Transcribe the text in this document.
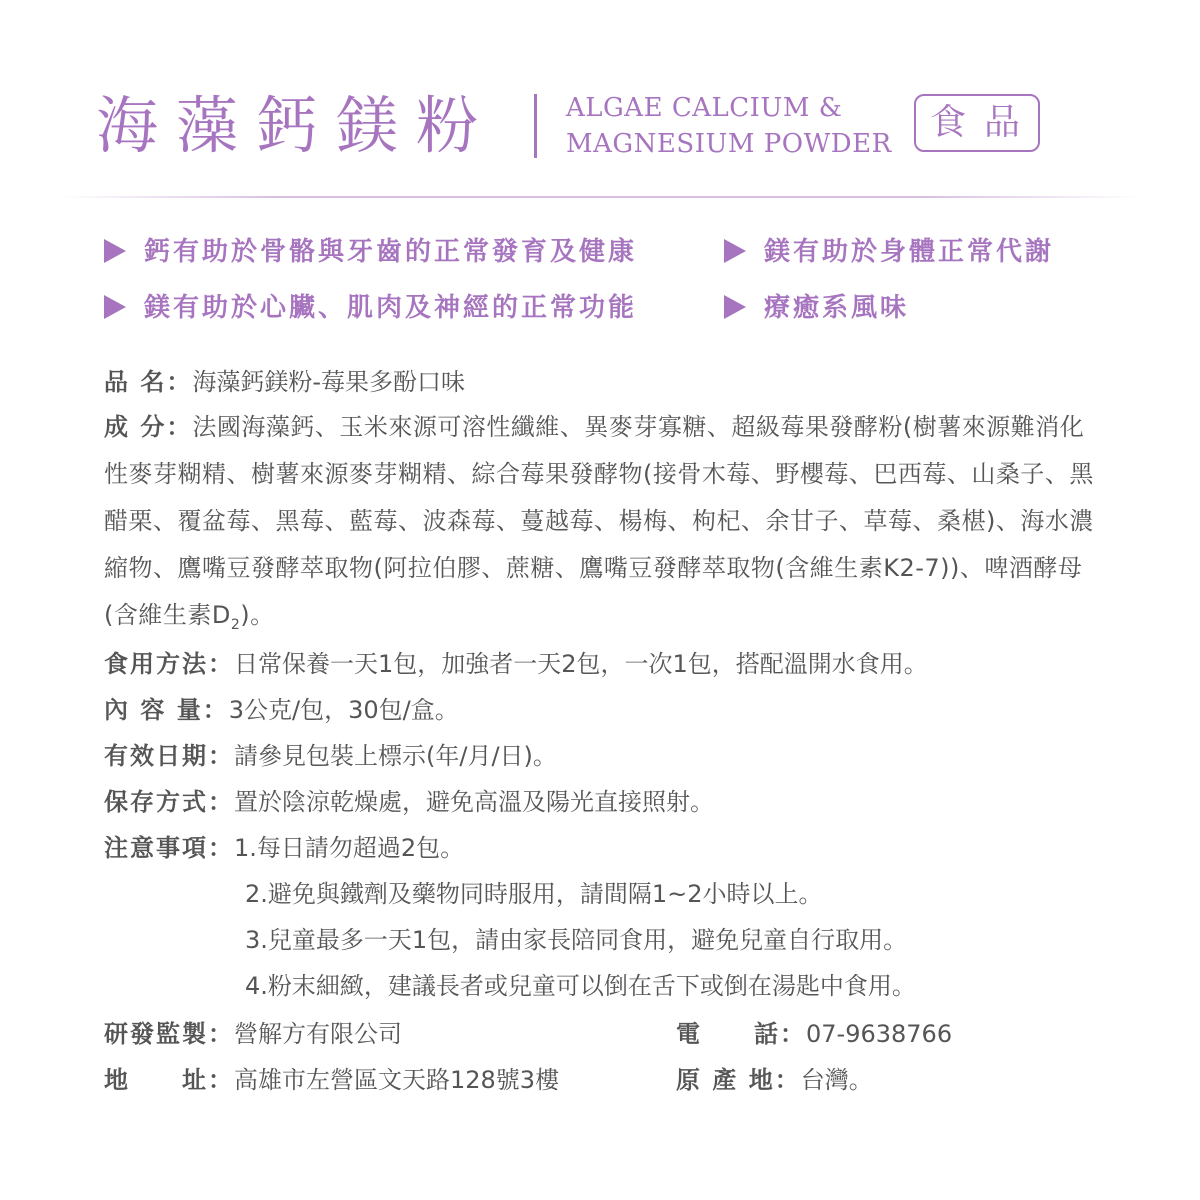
海藻鈣鎂粉	ALGAE CALCIUM &
MAGNESIUM POWDER
食品
鈣有助於骨骼與牙齒的正常發育及健康	鎂有助於身體正常代謝
鎂有助於心臟、肌肉及神經的正常功能	療癒系風味
品 名：海藻鈣鎂粉-莓果多酚口味
成 分：法國海藻鈣、玉米來源可溶性纖維、異麥芽寡糖、超級莓果發酵粉(樹薯來源難消化性麥芽糊精、樹薯來源麥芽糊精、綜合莓果發酵物(接骨木莓、野櫻莓、巴西莓、山桑子、黑醋栗、覆盆莓、黑莓、藍莓、波森莓、蔓越莓、楊梅、枸杞、余甘子、草莓、桑椹)、海水濃縮物、鷹嘴豆發酵萃取物(阿拉伯膠、蔗糖、鷹嘴豆發酵萃取物(含維生素K2-7))、啤酒酵母(含維生素$D_2$)。
食用方法：日常保養一天1包，加強者一天2包，一次1包，搭配溫開水食用。
內 容 量：3公克/包，30包/盒。
有效日期：請參見包裝上標示(年/月/日)。
保存方式：置於陰涼乾燥處，避免高溫及陽光直接照射。
注意事項：1.每日請勿超過2包。
2.避免與鐵劑及藥物同時服用，請間隔1~2小時以上。
3.兒童最多一天1包，請由家長陪同食用，避免兒童自行取用。
4.粉末細緻，建議長者或兒童可以倒在舌下或倒在湯匙中食用。
研發監製：營解方有限公司	電　　話：07-9638766
地　　址：高雄市左營區文天路128號3樓	原 產 地：台灣。
